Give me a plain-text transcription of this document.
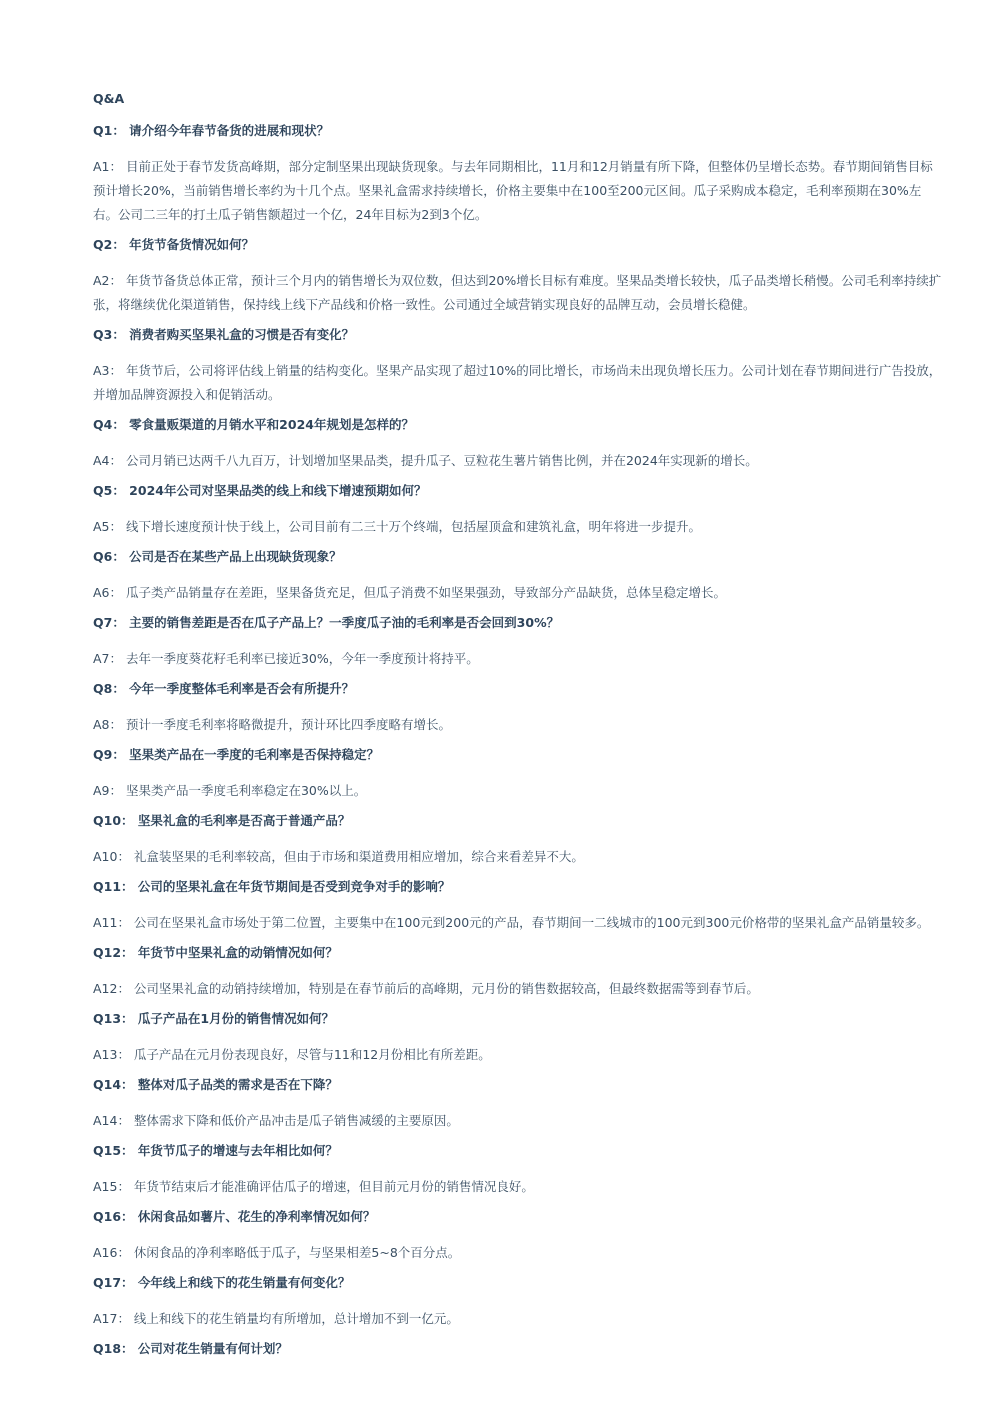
Q&A
Q1： 请介绍今年春节备货的进展和现状？
A1： 目前正处于春节发货高峰期，部分定制坚果出现缺货现象。与去年同期相比，11月和12月销量有所下降，但整体仍呈增长态势。春节期间销售目标预计增长20%，当前销售增长率约为十几个点。坚果礼盒需求持续增长，价格主要集中在100至200元区间。瓜子采购成本稳定，毛利率预期在30%左右。公司二三年的打土瓜子销售额超过一个亿，24年目标为2到3个亿。
Q2： 年货节备货情况如何？
A2： 年货节备货总体正常，预计三个月内的销售增长为双位数，但达到20%增长目标有难度。坚果品类增长较快，瓜子品类增长稍慢。公司毛利率持续扩张，将继续优化渠道销售，保持线上线下产品线和价格一致性。公司通过全域营销实现良好的品牌互动，会员增长稳健。
Q3： 消费者购买坚果礼盒的习惯是否有变化？
A3： 年货节后，公司将评估线上销量的结构变化。坚果产品实现了超过10%的同比增长，市场尚未出现负增长压力。公司计划在春节期间进行广告投放，并增加品牌资源投入和促销活动。
Q4： 零食量贩渠道的月销水平和2024年规划是怎样的？
A4： 公司月销已达两千八九百万，计划增加坚果品类，提升瓜子、豆粒花生薯片销售比例，并在2024年实现新的增长。
Q5： 2024年公司对坚果品类的线上和线下增速预期如何？
A5： 线下增长速度预计快于线上，公司目前有二三十万个终端，包括屋顶盒和建筑礼盒，明年将进一步提升。
Q6： 公司是否在某些产品上出现缺货现象？
A6： 瓜子类产品销量存在差距，坚果备货充足，但瓜子消费不如坚果强劲，导致部分产品缺货，总体呈稳定增长。
Q7： 主要的销售差距是否在瓜子产品上？一季度瓜子油的毛利率是否会回到30%？
A7： 去年一季度葵花籽毛利率已接近30%，今年一季度预计将持平。
Q8： 今年一季度整体毛利率是否会有所提升？
A8： 预计一季度毛利率将略微提升，预计环比四季度略有增长。
Q9： 坚果类产品在一季度的毛利率是否保持稳定？
A9： 坚果类产品一季度毛利率稳定在30%以上。
Q10： 坚果礼盒的毛利率是否高于普通产品？
A10： 礼盒装坚果的毛利率较高，但由于市场和渠道费用相应增加，综合来看差异不大。
Q11： 公司的坚果礼盒在年货节期间是否受到竞争对手的影响？
A11： 公司在坚果礼盒市场处于第二位置，主要集中在100元到200元的产品，春节期间一二线城市的100元到300元价格带的坚果礼盒产品销量较多。
Q12： 年货节中坚果礼盒的动销情况如何？
A12： 公司坚果礼盒的动销持续增加，特别是在春节前后的高峰期，元月份的销售数据较高，但最终数据需等到春节后。
Q13： 瓜子产品在1月份的销售情况如何？
A13： 瓜子产品在元月份表现良好，尽管与11和12月份相比有所差距。
Q14： 整体对瓜子品类的需求是否在下降？
A14： 整体需求下降和低价产品冲击是瓜子销售减缓的主要原因。
Q15： 年货节瓜子的增速与去年相比如何？
A15： 年货节结束后才能准确评估瓜子的增速，但目前元月份的销售情况良好。
Q16： 休闲食品如薯片、花生的净利率情况如何？
A16： 休闲食品的净利率略低于瓜子，与坚果相差5~8个百分点。
Q17： 今年线上和线下的花生销量有何变化？
A17： 线上和线下的花生销量均有所增加，总计增加不到一亿元。
Q18： 公司对花生销量有何计划？
